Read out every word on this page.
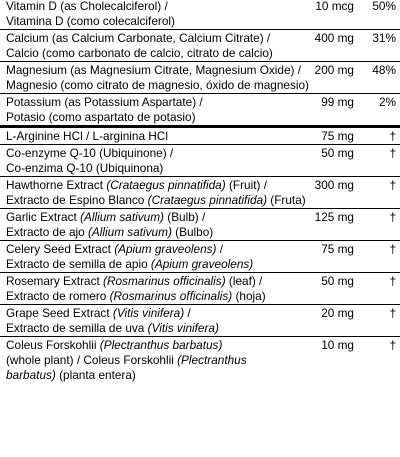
Vitamin D (as Cholecalciferol) /
Vitamina D (como colecalciferol)
10 mcg 50%
Calcium (as Calcium Carbonate, Calcium Citrate) /
Calcio (como carbonato de calcio, citrato de calcio)
400 mg 31%
Magnesium (as Magnesium Citrate, Magnesium Oxide) /
Magnesio (como citrato de magnesio, óxido de magnesio)
200 mg 48%
Potassium (as Potassium Aspartate) /
Potasio (como aspartato de potasio)
99 mg 2%
L-Arginine HCl / L-arginina HCl	75 mg	†
Co-enzyme Q-10 (Ubiquinone) /
Co-enzima Q-10 (Ubiquinona)
50 mg	†
Hawthorne Extract (Crataegus pinnatifida) (Fruit) /
Extracto de Espino Blanco (Crataegus pinnatifida) (Fruta)
300 mg	†
Garlic Extract (Allium sativum) (Bulb) /
Extracto de ajo (Allium sativum) (Bulbo)
125 mg	†
Celery Seed Extract (Apium graveolens) /
Extracto de semilla de apio (Apium graveolens)
75 mg	†
Rosemary Extract (Rosmarinus officinalis) (leaf) /
Extracto de romero (Rosmarinus officinalis) (hoja)
50 mg	†
Grape Seed Extract (Vitis vinifera) /
Extracto de semilla de uva (Vitis vinifera)
20 mg	†
Coleus Forskohlii (Plectranthus barbatus)
(whole plant) / Coleus Forskohlii (Plectranthus
barbatus) (planta entera)
10 mg	†
